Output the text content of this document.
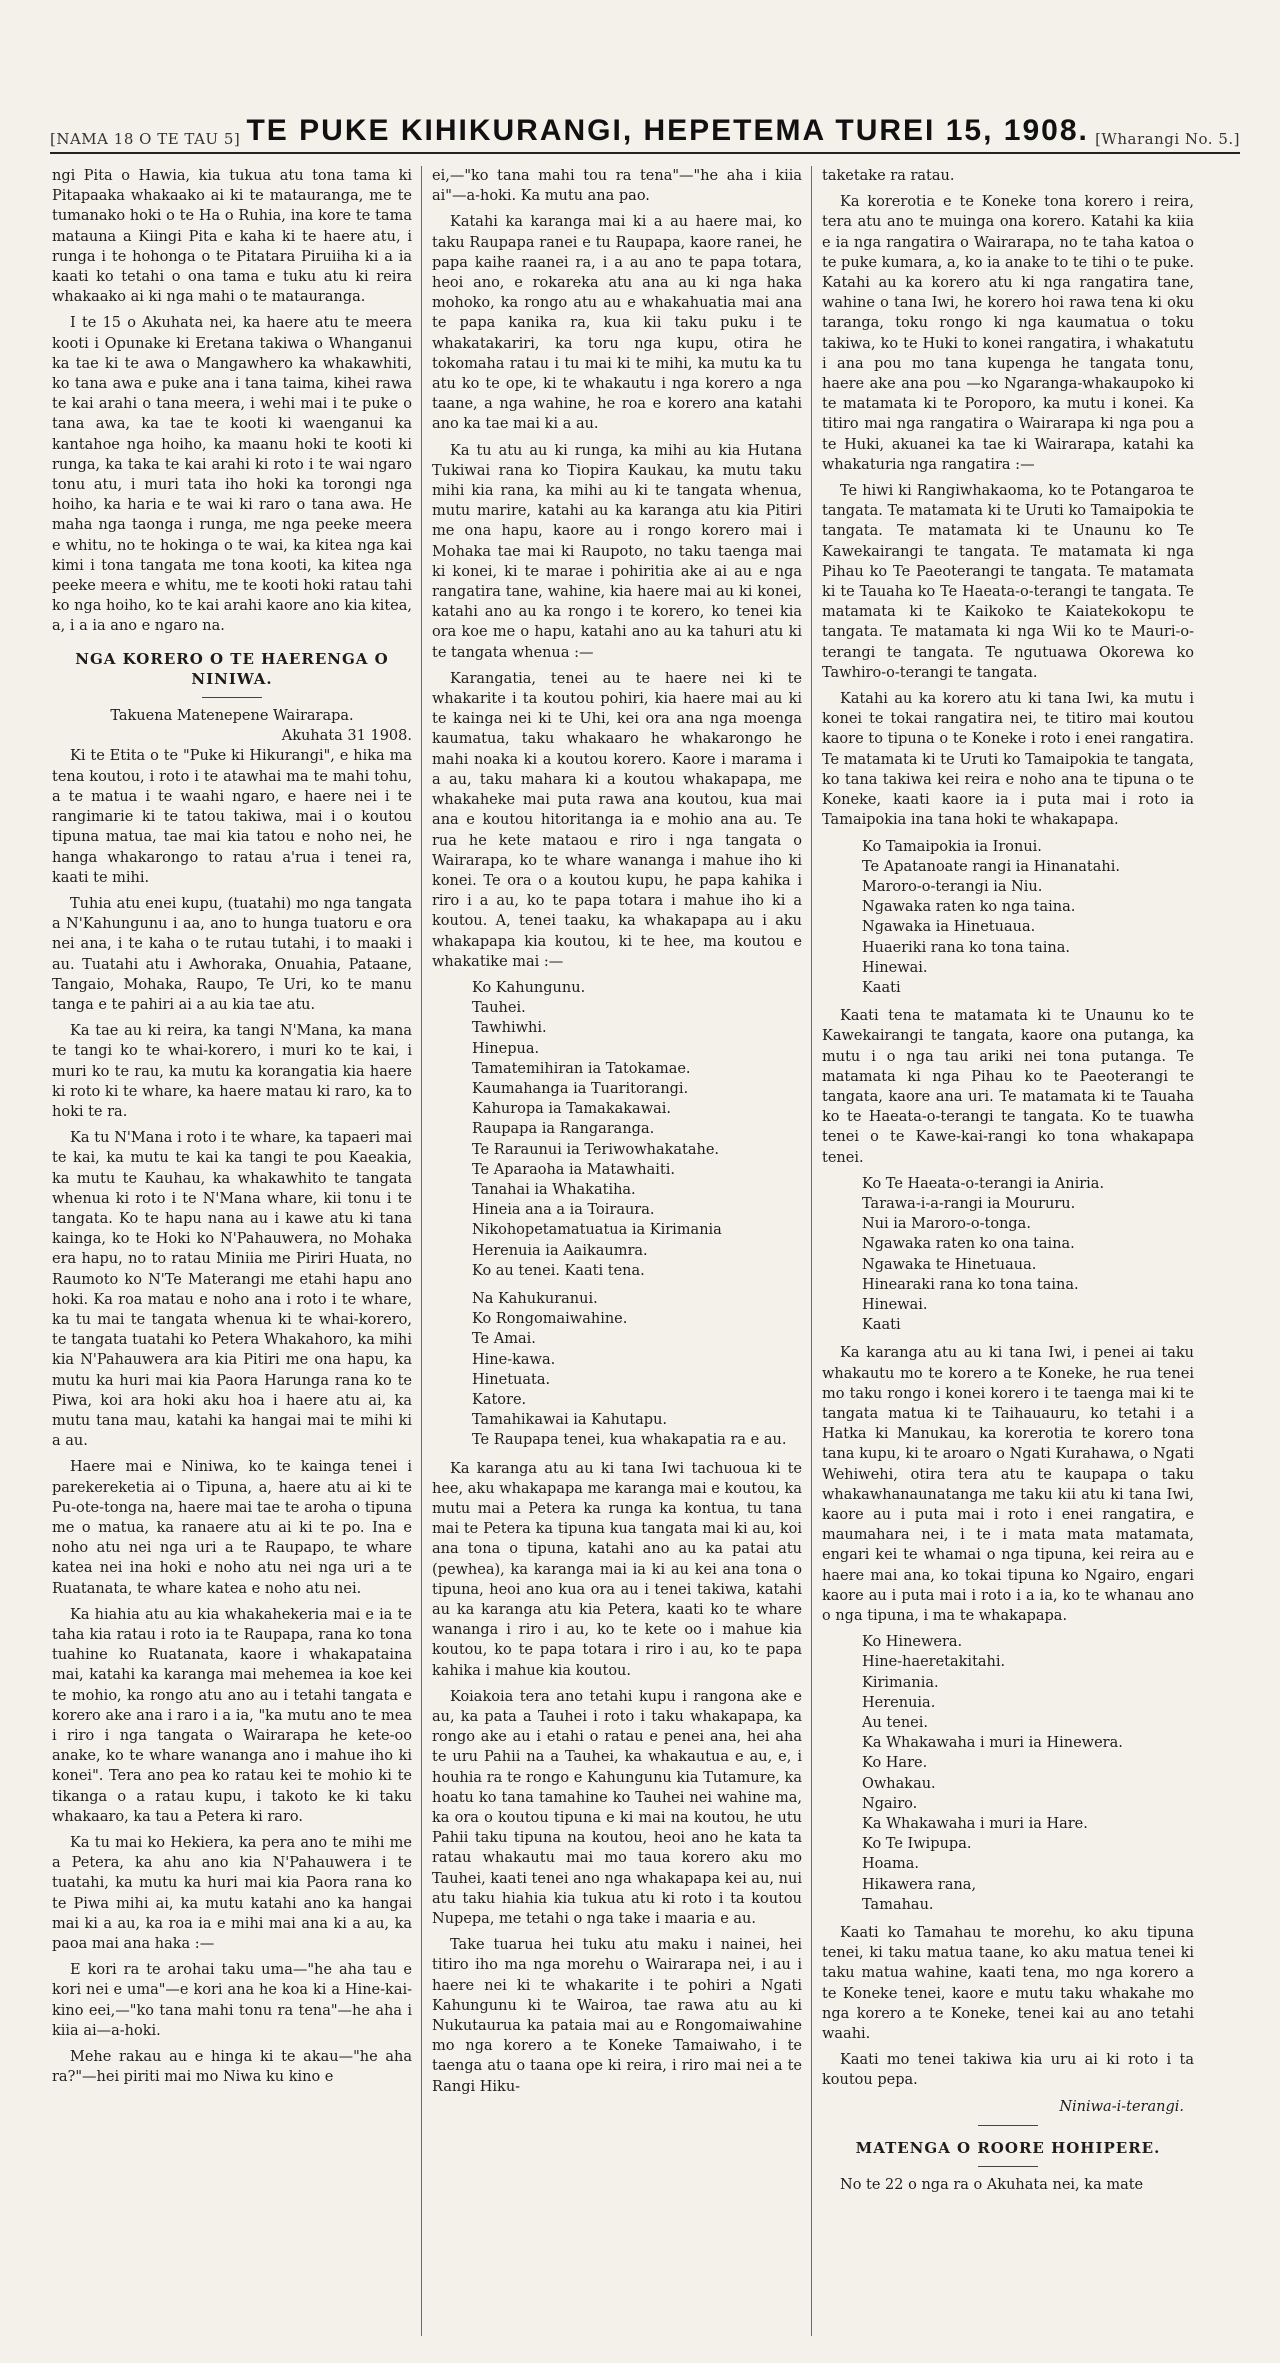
[NAMA 18 O TE TAU 5] TE PUKE KIHIKURANGI, HEPETEMA TUREI 15, 1908. [Wharangi No. 5.]

ngi Pita o Hawia, kia tukua atu tona tama ki Pitapaaka whakaako ai ki te matauranga, me te tumanako hoki o te Ha o Ruhia, ina kore te tama matauna a Kiingi Pita e kaha ki te haere atu, i runga i te hohonga o te Pitatara Piruiiha ki a ia kaati ko tetahi o ona tama e tuku atu ki reira whakaako ai ki nga mahi o te matauranga.

I te 15 o Akuhata nei, ka haere atu te meera kooti i Opunake ki Eretana takiwa o Whanganui ka tae ki te awa o Mangawhero ka whakawhiti, ko tana awa e puke ana i tana taima, kihei rawa te kai arahi o tana meera, i wehi mai i te puke o tana awa, ka tae te kooti ki waenganui ka kantahoe nga hoiho, ka maanu hoki te kooti ki runga, ka taka te kai arahi ki roto i te wai ngaro tonu atu, i muri tata iho hoki ka torongi nga hoiho, ka haria e te wai ki raro o tana awa. He maha nga taonga i runga, me nga peeke meera e whitu, no te hokinga o te wai, ka kitea nga kai kimi i tona tangata me tona kooti, ka kitea nga peeke meera e whitu, me te kooti hoki ratau tahi ko nga hoiho, ko te kai arahi kaore ano kia kitea, a, i a ia ano e ngaro na.

NGA KORERO O TE HAERENGA O NINIWA.
Takuena Matenepene Wairarapa.
Akuhata 31 1908.

Ki te Etita o te "Puke ki Hikurangi", e hika ma tena koutou, i roto i te atawhai ma te mahi tohu, a te matua i te waahi ngaro, e haere nei i te rangimarie ki te tatou takiwa, mai i o koutou tipuna matua, tae mai kia tatou e noho nei, he hanga whakarongo to ratau a'rua i tenei ra, kaati te mihi.

Tuhia atu enei kupu, (tuatahi) mo nga tangata a N'Kahungunu i aa, ano to hunga tuatoru e ora nei ana, i te kaha o te rutau tutahi, i to maaki i au. Tuatahi atu i Awhoraka, Onuahia, Pataane, Tangaio, Mohaka, Raupo, Te Uri, ko te manu tanga e te pahiri ai a au kia tae atu.

Ka tae au ki reira, ka tangi N'Mana, ka mana te tangi ko te whai-korero, i muri ko te kai, i muri ko te rau, ka mutu ka korangatia kia haere ki roto ki te whare, ka haere matau ki raro, ka to hoki te ra.

Ka tu N'Mana i roto i te whare, ka tapaeri mai te kai, ka mutu te kai ka tangi te pou Kaeakia, ka mutu te Kauhau, ka whakawhito te tangata whenua ki roto i te N'Mana whare, kii tonu i te tangata. Ko te hapu nana au i kawe atu ki tana kainga, ko te Hoki ko N'Pahauwera, no Mohaka era hapu, no to ratau Miniia me Piriri Huata, no Raumoto ko N'Te Materangi me etahi hapu ano hoki. Ka roa matau e noho ana i roto i te whare, ka tu mai te tangata whenua ki te whai-korero, te tangata tuatahi ko Petera Whakahoro, ka mihi kia N'Pahauwera ara kia Pitiri me ona hapu, ka mutu ka huri mai kia Paora Harunga rana ko te Piwa, koi ara hoki aku hoa i haere atu ai, ka mutu tana mau, katahi ka hangai mai te mihi ki a au.

Haere mai e Niniwa, ko te kainga tenei i parekereketia ai o Tipuna, a, haere atu ai ki te Pu-ote-tonga na, haere mai tae te aroha o tipuna me o matua, ka ranaere atu ai ki te po. Ina e noho atu nei nga uri a te Raupapo, te whare katea nei ina hoki e noho atu nei nga uri a te Ruatanata, te whare katea e noho atu nei.

Ka hiahia atu au kia whakahekeria mai e ia te taha kia ratau i roto ia te Raupapa, rana ko tona tuahine ko Ruatanata, kaore i whakapataina mai, katahi ka karanga mai mehemea ia koe kei te mohio, ka rongo atu ano au i tetahi tangata e korero ake ana i raro i a ia, "ka mutu ano te mea i riro i nga tangata o Wairarapa he kete-oo anake, ko te whare wananga ano i mahue iho ki konei". Tera ano pea ko ratau kei te mohio ki te tikanga o a ratau kupu, i takoto ke ki taku whakaaro, ka tau a Petera ki raro.

Ka tu mai ko Hekiera, ka pera ano te mihi me a Petera, ka ahu ano kia N'Pahauwera i te tuatahi, ka mutu ka huri mai kia Paora rana ko te Piwa mihi ai, ka mutu katahi ano ka hangai mai ki a au, ka roa ia e mihi mai ana ki a au, ka paoa mai ana haka :—

E kori ra te arohai taku uma—"he aha tau e kori nei e uma"—e kori ana he koa ki a Hine-kai-kino eei,—"ko tana mahi tonu ra tena"—he aha i kiia ai—a-hoki.

Mehe rakau au e hinga ki te akau—"he aha ra?"—hei piriti mai mo Niwa ku kino e

ei,—"ko tana mahi tou ra tena"—"he aha i kiia ai"—a-hoki. Ka mutu ana pao.

Katahi ka karanga mai ki a au haere mai, ko taku Raupapa ranei e tu Raupapa, kaore ranei, he papa kaihe raanei ra, i a au ano te papa totara, heoi ano, e rokareka atu ana au ki nga haka mohoko, ka rongo atu au e whakahuatia mai ana te papa kanika ra, kua kii taku puku i te whakatakariri, ka toru nga kupu, otira he tokomaha ratau i tu mai ki te mihi, ka mutu ka tu atu ko te ope, ki te whakautu i nga korero a nga taane, a nga wahine, he roa e korero ana katahi ano ka tae mai ki a au.

Ka tu atu au ki runga, ka mihi au kia Hutana Tukiwai rana ko Tiopira Kaukau, ka mutu taku mihi kia rana, ka mihi au ki te tangata whenua, mutu marire, katahi au ka karanga atu kia Pitiri me ona hapu, kaore au i rongo korero mai i Mohaka tae mai ki Raupoto, no taku taenga mai ki konei, ki te marae i pohiritia ake ai au e nga rangatira tane, wahine, kia haere mai au ki konei, katahi ano au ka rongo i te korero, ko tenei kia ora koe me o hapu, katahi ano au ka tahuri atu ki te tangata whenua :—

Karangatia, tenei au te haere nei ki te whakarite i ta koutou pohiri, kia haere mai au ki te kainga nei ki te Uhi, kei ora ana nga moenga kaumatua, taku whakaaro he whakarongo he mahi noaka ki a koutou korero. Kaore i marama i a au, taku mahara ki a koutou whakapapa, me whakaheke mai puta rawa ana koutou, kua mai ana e koutou hitoritanga ia e mohio ana au. Te rua he kete mataou e riro i nga tangata o Wairarapa, ko te whare wananga i mahue iho ki konei. Te ora o a koutou kupu, he papa kahika i riro i a au, ko te papa totara i mahue iho ki a koutou. A, tenei taaku, ka whakapapa au i aku whakapapa kia koutou, ki te hee, ma koutou e whakatike mai :—

Ko Kahungunu.
Tauhei.
Tawhiwhi.
Hinepua.
Tamatemihiran ia Tatokamae.
Kaumahanga ia Tuaritorangi.
Kahuropa ia Tamakakawai.
Raupapa ia Rangaranga.
Te Raraunui ia Teriwowhakatahe.
Te Aparaoha ia Matawhaiti.
Tanahai ia Whakatiha.
Hineia ana a ia Toiraura.
Nikohopetamatuatua ia Kirimania
Herenuia ia Aaikaumra.
Ko au tenei. Kaati tena.
Na Kahukuranui.
Ko Rongomaiwahine.
Te Amai.
Hine-kawa.
Hinetuata.
Katore.
Tamahikawai ia Kahutapu.
Te Raupapa tenei, kua whakapatia ra e au.

Ka karanga atu au ki tana Iwi tachuoua ki te hee, aku whakapapa me karanga mai e koutou, ka mutu mai a Petera ka runga ka kontua, tu tana mai te Petera ka tipuna kua tangata mai ki au, koi ana tona o tipuna, katahi ano au ka patai atu (pewhea), ka karanga mai ia ki au kei ana tona o tipuna, heoi ano kua ora au i tenei takiwa, katahi au ka karanga atu kia Petera, kaati ko te whare wananga i riro i au, ko te kete oo i mahue kia koutou, ko te papa totara i riro i au, ko te papa kahika i mahue kia koutou.

Koiakoia tera ano tetahi kupu i rangona ake e au, ka pata a Tauhei i roto i taku whakapapa, ka rongo ake au i etahi o ratau e penei ana, hei aha te uru Pahii na a Tauhei, ka whakautua e au, e, i houhia ra te rongo e Kahungunu kia Tutamure, ka hoatu ko tana tamahine ko Tauhei nei wahine ma, ka ora o koutou tipuna e ki mai na koutou, he utu Pahii taku tipuna na koutou, heoi ano he kata ta ratau whakautu mai mo taua korero aku mo Tauhei, kaati tenei ano nga whakapapa kei au, nui atu taku hiahia kia tukua atu ki roto i ta koutou Nupepa, me tetahi o nga take i maaria e au.

Take tuarua hei tuku atu maku i nainei, hei titiro iho ma nga morehu o Wairarapa nei, i au i haere nei ki te whakarite i te pohiri a Ngati Kahungunu ki te Wairoa, tae rawa atu au ki Nukutaurua ka pataia mai au e Rongomaiwahine mo nga korero a te Koneke Tamaiwaho, i te taenga atu o taana ope ki reira, i riro mai nei a te Rangi Hiku-

taketake ra ratau.

Ka korerotia e te Koneke tona korero i reira, tera atu ano te muinga ona korero. Katahi ka kiia e ia nga rangatira o Wairarapa, no te taha katoa o te puke kumara, a, ko ia anake to te tihi o te puke. Katahi au ka korero atu ki nga rangatira tane, wahine o tana Iwi, he korero hoi rawa tena ki oku taranga, toku rongo ki nga kaumatua o toku takiwa, ko te Huki to konei rangatira, i whakatutu i ana pou mo tana kupenga he tangata tonu, haere ake ana pou —ko Ngaranga-whakaupoko ki te matamata ki te Poroporo, ka mutu i konei. Ka titiro mai nga rangatira o Wairarapa ki nga pou a te Huki, akuanei ka tae ki Wairarapa, katahi ka whakaturia nga rangatira :—

Te hiwi ki Rangiwhakaoma, ko te Potangaroa te tangata. Te matamata ki te Uruti ko Tamaipokia te tangata. Te matamata ki te Unaunu ko Te Kawekairangi te tangata. Te matamata ki nga Pihau ko Te Paeoterangi te tangata. Te matamata ki te Tauaha ko Te Haeata-o-terangi te tangata. Te matamata ki te Kaikoko te Kaiatekokopu te tangata. Te matamata ki nga Wii ko te Mauri-o-terangi te tangata. Te ngutuawa Okorewa ko Tawhiro-o-terangi te tangata.

Katahi au ka korero atu ki tana Iwi, ka mutu i konei te tokai rangatira nei, te titiro mai koutou kaore to tipuna o te Koneke i roto i enei rangatira. Te matamata ki te Uruti ko Tamaipokia te tangata, ko tana takiwa kei reira e noho ana te tipuna o te Koneke, kaati kaore ia i puta mai i roto ia Tamaipokia ina tana hoki te whakapapa.

Ko Tamaipokia ia Ironui.
Te Apatanoate rangi ia Hinanatahi.
Maroro-o-terangi ia Niu.
Ngawaka raten ko nga taina.
Ngawaka ia Hinetuaua.
Huaeriki rana ko tona taina.
Hinewai.
Kaati

Kaati tena te matamata ki te Unaunu ko te Kawekairangi te tangata, kaore ona putanga, ka mutu i o nga tau ariki nei tona putanga. Te matamata ki nga Pihau ko te Paeoterangi te tangata, kaore ana uri. Te matamata ki te Tauaha ko te Haeata-o-terangi te tangata. Ko te tuawha tenei o te Kawe-kai-rangi ko tona whakapapa tenei.

Ko Te Haeata-o-terangi ia Aniria.
Tarawa-i-a-rangi ia Moururu.
Nui ia Maroro-o-tonga.
Ngawaka raten ko ona taina.
Ngawaka te Hinetuaua.
Hinearaki rana ko tona taina.
Hinewai.
Kaati

Ka karanga atu au ki tana Iwi, i penei ai taku whakautu mo te korero a te Koneke, he rua tenei mo taku rongo i konei korero i te taenga mai ki te tangata matua ki te Taihauauru, ko tetahi i a Hatka ki Manukau, ka korerotia te korero tona tana kupu, ki te aroaro o Ngati Kurahawa, o Ngati Wehiwehi, otira tera atu te kaupapa o taku whakawhanaunatanga me taku kii atu ki tana Iwi, kaore au i puta mai i roto i enei rangatira, e maumahara nei, i te i mata mata matamata, engari kei te whamai o nga tipuna, kei reira au e haere mai ana, ko tokai tipuna ko Ngairo, engari kaore au i puta mai i roto i a ia, ko te whanau ano o nga tipuna, i ma te whakapapa.

Ko Hinewera.
Hine-haeretakitahi.
Kirimania.
Herenuia.
Au tenei.
Ka Whakawaha i muri ia Hinewera.
Ko Hare.
Owhakau.
Ngairo.
Ka Whakawaha i muri ia Hare.
Ko Te Iwipupa.
Hoama.
Hikawera rana,
Tamahau.

Kaati ko Tamahau te morehu, ko aku tipuna tenei, ki taku matua taane, ko aku matua tenei ki taku matua wahine, kaati tena, mo nga korero a te Koneke tenei, kaore e mutu taku whakahe mo nga korero a te Koneke, tenei kai au ano tetahi waahi.

Kaati mo tenei takiwa kia uru ai ki roto i ta koutou pepa.

Niniwa-i-terangi.
MATENGA O ROORE HOHIPERE.

No te 22 o nga ra o Akuhata nei, ka mate
